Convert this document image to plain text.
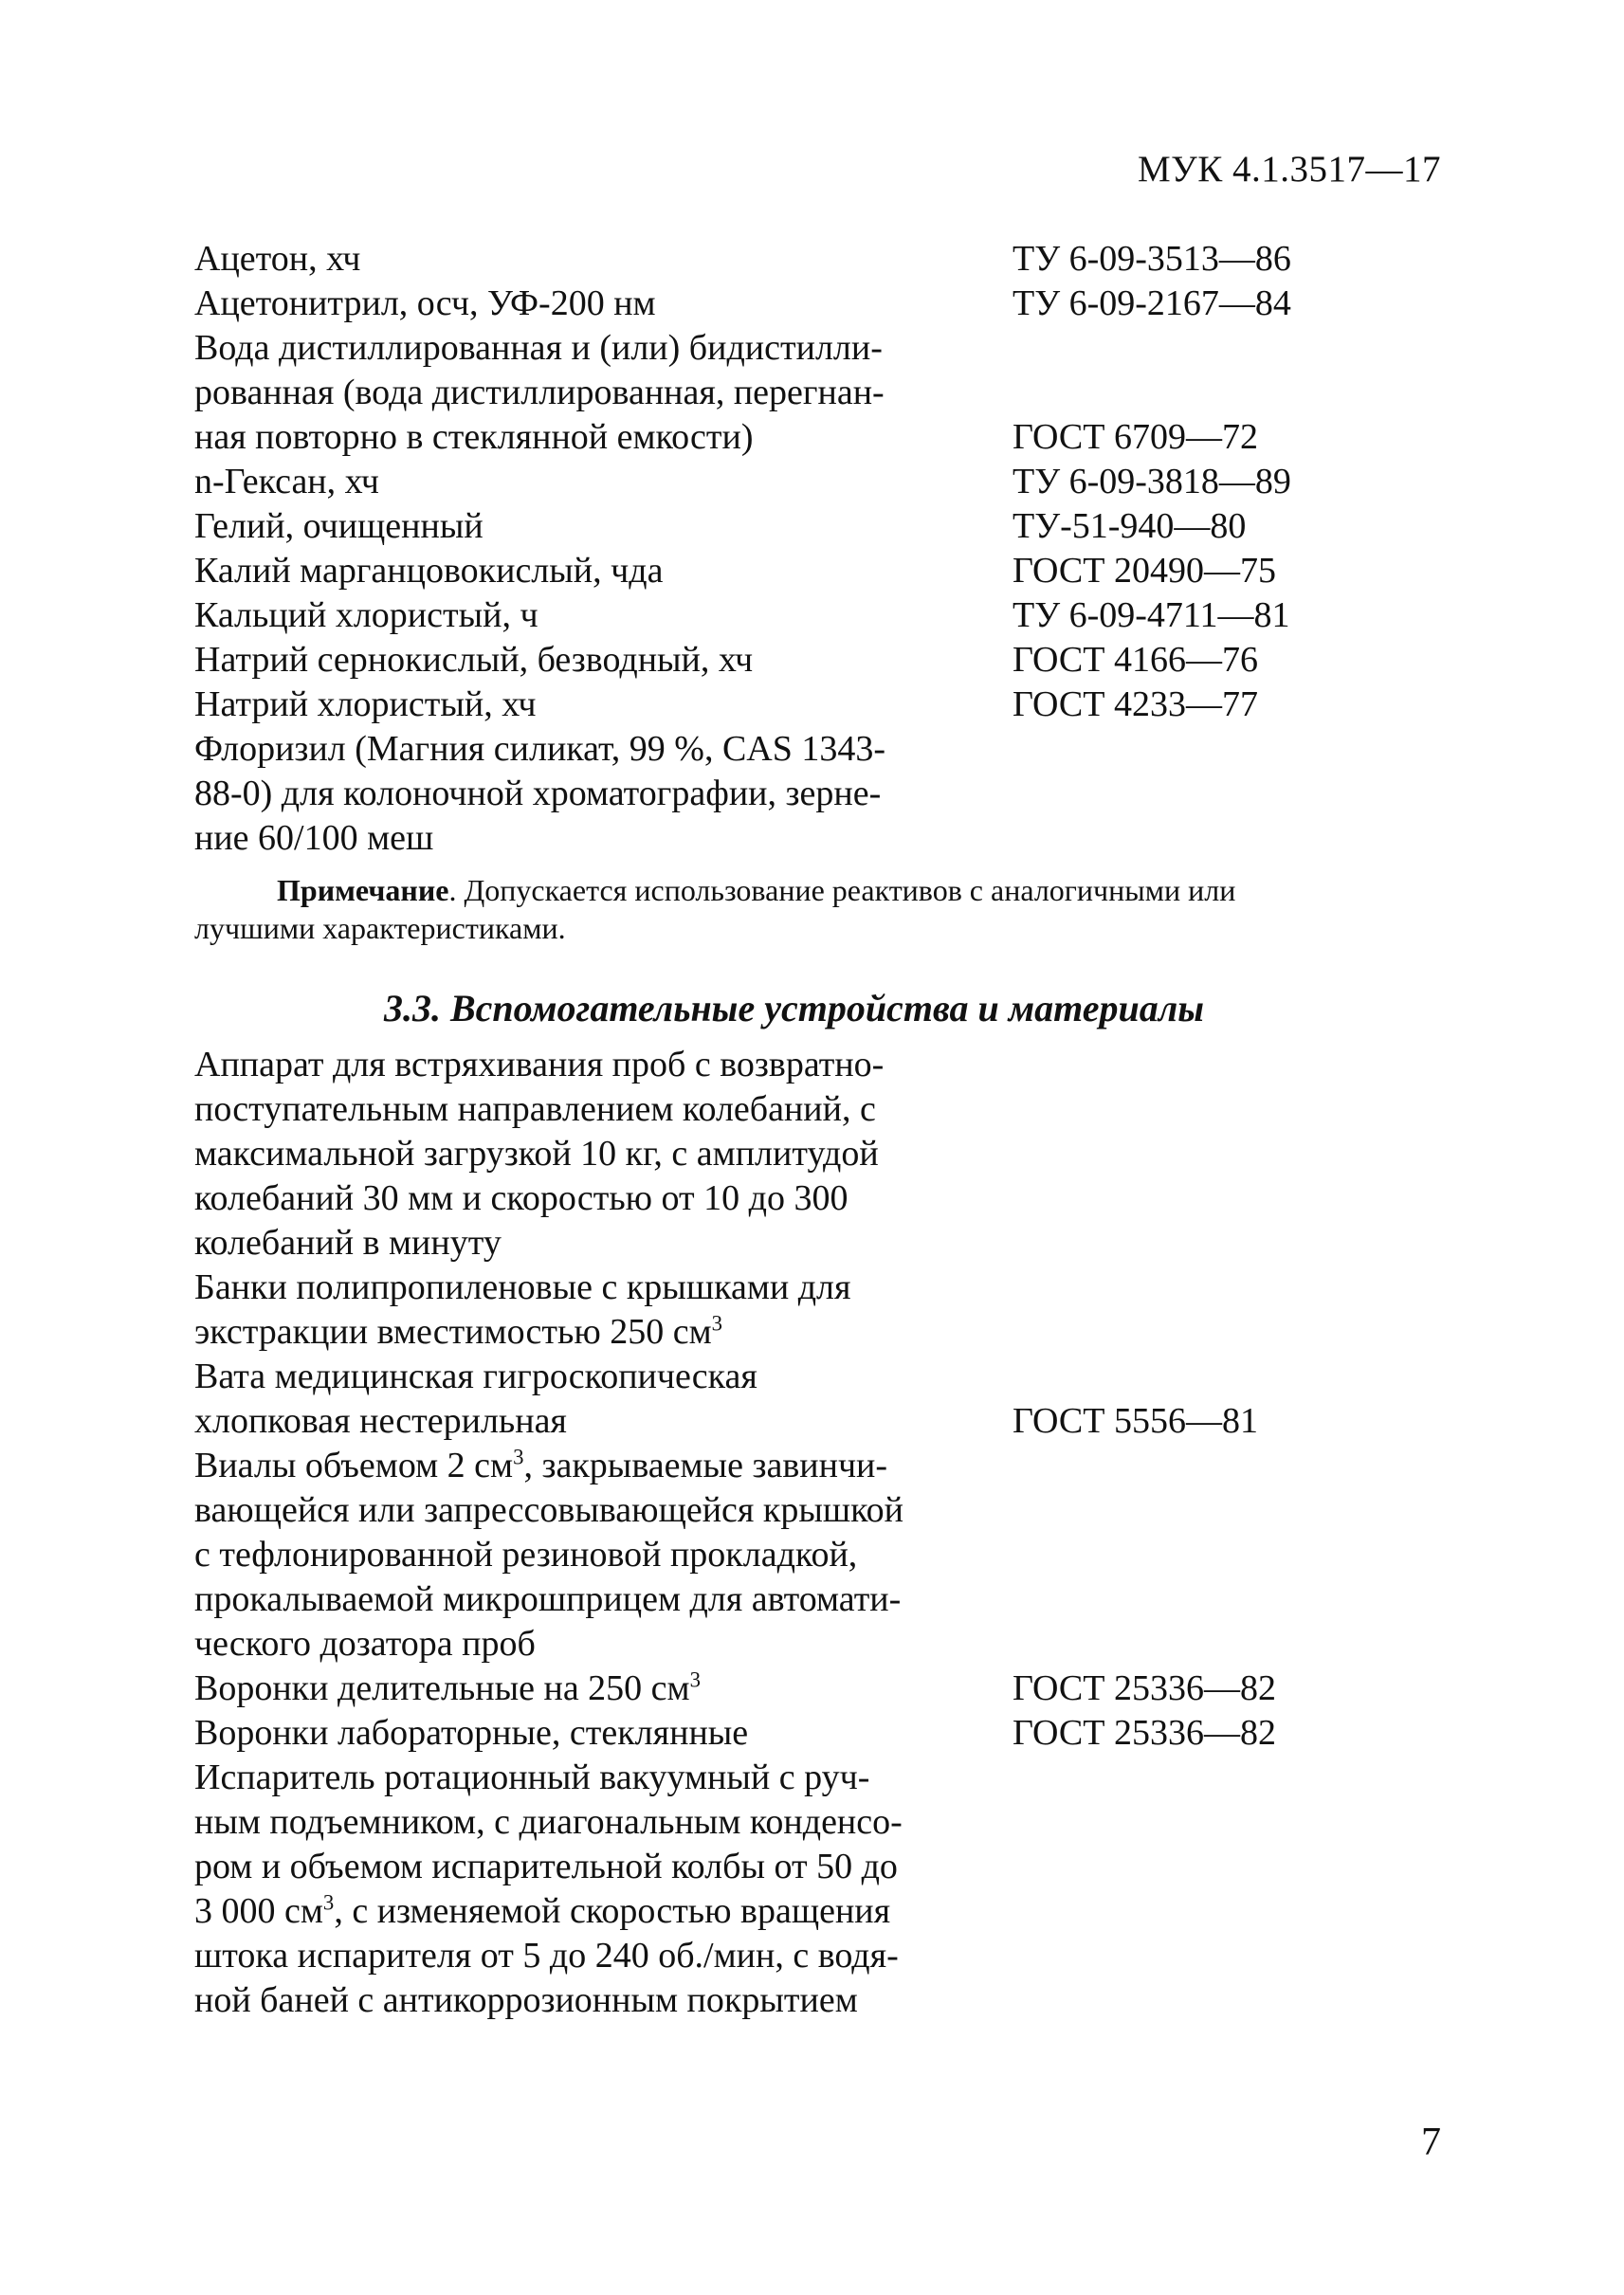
МУК 4.1.3517—17
Ацетон, хч	ТУ 6-09-3513—86
Ацетонитрил, осч, УФ-200 нм	ТУ 6-09-2167—84
Вода дистиллированная и (или) бидистилли-
рованная (вода дистиллированная, перегнан-
ная повторно в стеклянной емкости)	ГОСТ 6709—72
n-Гексан, хч	ТУ 6-09-3818—89
Гелий, очищенный	ТУ-51-940—80
Калий марганцовокислый, чда	ГОСТ 20490—75
Кальций хлористый, ч	ТУ 6-09-4711—81
Натрий сернокислый, безводный, хч	ГОСТ 4166—76
Натрий хлористый, хч	ГОСТ 4233—77
Флоризил (Магния силикат, 99 %, CAS 1343-
88-0) для колоночной хроматографии, зерне-
ние 60/100 меш
Примечание. Допускается использование реактивов с аналогичными или
лучшими характеристиками.
3.3. Вспомогательные устройства и материалы
Аппарат для встряхивания проб с возвратно-
поступательным направлением колебаний, с
максимальной загрузкой 10 кг, с амплитудой
колебаний 30 мм и скоростью от 10 до 300
колебаний в минуту
Банки полипропиленовые с крышками для
экстракции вместимостью 250 $см^3$
Вата медицинская гигроскопическая
хлопковая нестерильная	ГОСТ 5556—81
Виалы объемом 2 $см^3$, закрываемые завинчи-
вающейся или запрессовывающейся крышкой
с тефлонированной резиновой прокладкой,
прокалываемой микрошприцем для автомати-
ческого дозатора проб
Воронки делительные на 250 $см^3$	ГОСТ 25336—82
Воронки лабораторные, стеклянные	ГОСТ 25336—82
Испаритель ротационный вакуумный с руч-
ным подъемником, с диагональным конденсо-
ром и объемом испарительной колбы от 50 до
3 000 $см^3$, с изменяемой скоростью вращения
штока испарителя от 5 до 240 об./мин, с водя-
ной баней с антикоррозионным покрытием
7
